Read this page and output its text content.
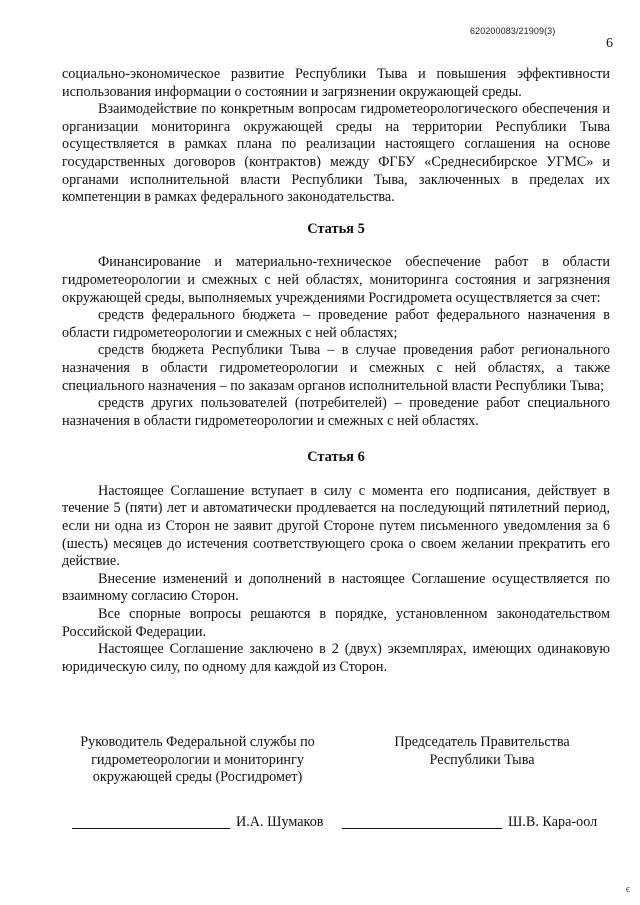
620200083/21909(3)
6

социально-экономическое развитие Республики Тыва и повышения эффективности использования информации о состоянии и загрязнении окружающей среды.

Взаимодействие по конкретным вопросам гидрометеорологического обеспечения и организации мониторинга окружающей среды на территории Республики Тыва осуществляется в рамках плана по реализации настоящего соглашения на основе государственных договоров (контрактов) между ФГБУ «Среднесибирское УГМС» и органами исполнительной власти Республики Тыва, заключенных в пределах их компетенции в рамках федерального законодательства.

Статья 5

Финансирование и материально-техническое обеспечение работ в области гидрометеорологии и смежных с ней областях, мониторинга состояния и загрязнения окружающей среды, выполняемых учреждениями Росгидромета осуществляется за счет:

средств федерального бюджета – проведение работ федерального назначения в области гидрометеорологии и смежных с ней областях;

средств бюджета Республики Тыва – в случае проведения работ регионального назначения в области гидрометеорологии и смежных с ней областях, а также специального назначения – по заказам органов исполнительной власти Республики Тыва;

средств других пользователей (потребителей) – проведение работ специального назначения в области гидрометеорологии и смежных с ней областях.

Статья 6

Настоящее Соглашение вступает в силу с момента его подписания, действует в течение 5 (пяти) лет и автоматически продлевается на последующий пятилетний период, если ни одна из Сторон не заявит другой Стороне путем письменного уведомления за 6 (шесть) месяцев до истечения соответствующего срока о своем желании прекратить его действие.

Внесение изменений и дополнений в настоящее Соглашение осуществляется по взаимному согласию Сторон.

Все спорные вопросы решаются в порядке, установленном законодательством Российской Федерации.

Настоящее Соглашение заключено в 2 (двух) экземплярах, имеющих одинаковую юридическую силу, по одному для каждой из Сторон.

Руководитель Федеральной службы по гидрометеорологии и мониторингу окружающей среды (Росгидромет)
Председатель Правительства Республики Тыва
И.А. Шумаков	Ш.В. Кара-оол
ꞓ
